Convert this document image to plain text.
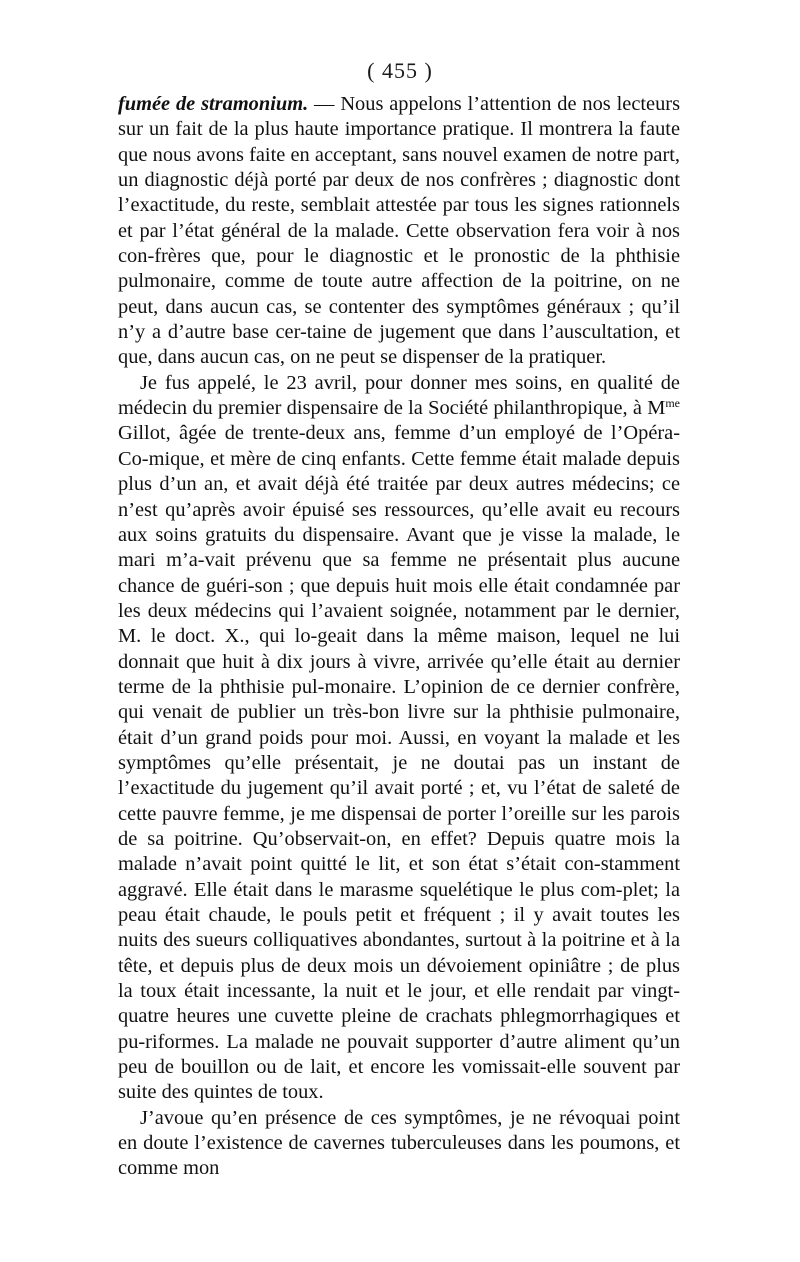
( 455 )

fumée de stramonium. — Nous appelons l’attention de nos lecteurs sur un fait de la plus haute importance pratique. Il montrera la faute que nous avons faite en acceptant, sans nouvel examen de notre part, un diagnostic déjà porté par deux de nos confrères ; diagnostic dont l’exactitude, du reste, semblait attestée par tous les signes rationnels et par l’état général de la malade. Cette observation fera voir à nos con-frères que, pour le diagnostic et le pronostic de la phthisie pulmonaire, comme de toute autre affection de la poitrine, on ne peut, dans aucun cas, se contenter des symptômes généraux ; qu’il n’y a d’autre base cer-taine de jugement que dans l’auscultation, et que, dans aucun cas, on ne peut se dispenser de la pratiquer.

Je fus appelé, le 23 avril, pour donner mes soins, en qualité de médecin du premier dispensaire de la Société philanthropique, à $M^{me}$ Gillot, âgée de trente-deux ans, femme d’un employé de l’Opéra-Co-mique, et mère de cinq enfants. Cette femme était malade depuis plus d’un an, et avait déjà été traitée par deux autres médecins; ce n’est qu’après avoir épuisé ses ressources, qu’elle avait eu recours aux soins gratuits du dispensaire. Avant que je visse la malade, le mari m’a-vait prévenu que sa femme ne présentait plus aucune chance de guéri-son ; que depuis huit mois elle était condamnée par les deux médecins qui l’avaient soignée, notamment par le dernier, M. le doct. X., qui lo-geait dans la même maison, lequel ne lui donnait que huit à dix jours à vivre, arrivée qu’elle était au dernier terme de la phthisie pul-monaire. L’opinion de ce dernier confrère, qui venait de publier un très-bon livre sur la phthisie pulmonaire, était d’un grand poids pour moi. Aussi, en voyant la malade et les symptômes qu’elle présentait, je ne doutai pas un instant de l’exactitude du jugement qu’il avait porté ; et, vu l’état de saleté de cette pauvre femme, je me dispensai de porter l’oreille sur les parois de sa poitrine. Qu’observait-on, en effet? Depuis quatre mois la malade n’avait point quitté le lit, et son état s’était con-stamment aggravé. Elle était dans le marasme squelétique le plus com-plet; la peau était chaude, le pouls petit et fréquent ; il y avait toutes les nuits des sueurs colliquatives abondantes, surtout à la poitrine et à la tête, et depuis plus de deux mois un dévoiement opiniâtre ; de plus la toux était incessante, la nuit et le jour, et elle rendait par vingt-quatre heures une cuvette pleine de crachats phlegmorrhagiques et pu-riformes. La malade ne pouvait supporter d’autre aliment qu’un peu de bouillon ou de lait, et encore les vomissait-elle souvent par suite des quintes de toux.

J’avoue qu’en présence de ces symptômes, je ne révoquai point en doute l’existence de cavernes tuberculeuses dans les poumons, et comme mon
